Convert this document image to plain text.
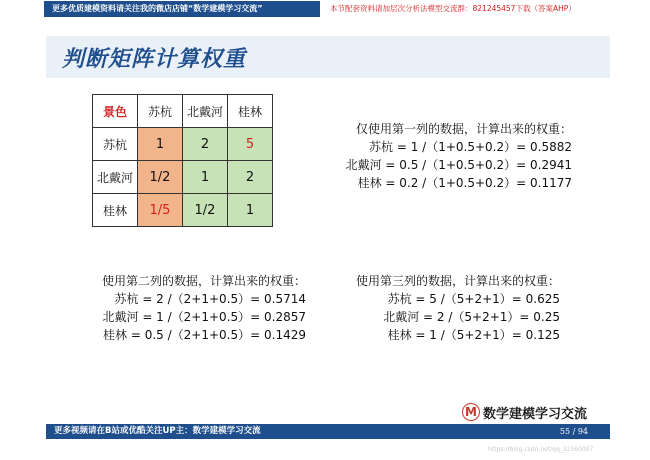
更多优质建模资料请关注我的微店店铺“数学建模学习交流”	本节配套资料请加层次分析法模型交流群：821245457下载（答案AHP）
判断矩阵计算权重
景色	苏杭	北戴河	桂林
苏杭	1	2	5
北戴河	1/2	1	2
桂林	1/5	1/2	1
仅使用第一列的数据，计算出来的权重：
苏杭 = 1 /（1+0.5+0.2）= 0.5882
北戴河 = 0.5 /（1+0.5+0.2）= 0.2941
桂林 = 0.2 /（1+0.5+0.2）= 0.1177
使用第二列的数据，计算出来的权重：
苏杭 = 2 /（2+1+0.5）= 0.5714
北戴河 = 1 /（2+1+0.5）= 0.2857
桂林 = 0.5 /（2+1+0.5）= 0.1429
使用第三列的数据，计算出来的权重：
苏杭 = 5 /（5+2+1）= 0.625
北戴河 = 2 /（5+2+1）= 0.25
桂林 = 1 /（5+2+1）= 0.125
M 数学建模学习交流
更多视频请在B站或优酷关注UP主：数学建模学习交流	55 / 94
https://blog.csdn.net/qq_32560007
